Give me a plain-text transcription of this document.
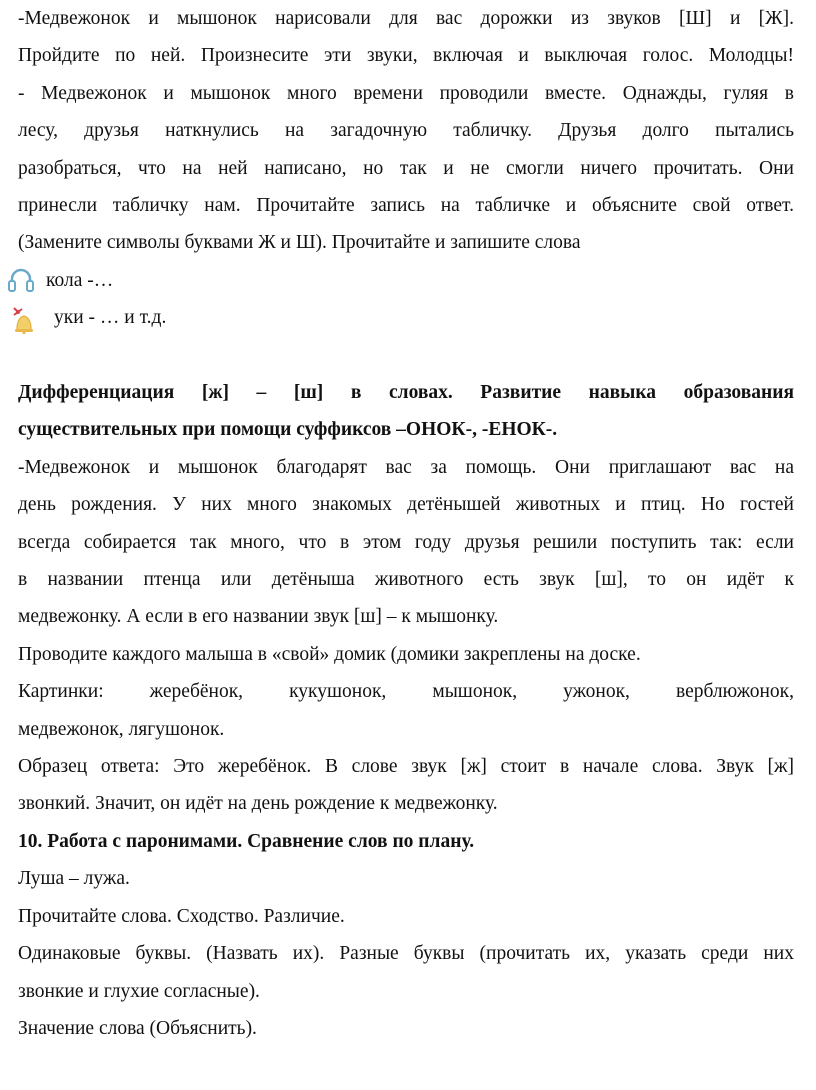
-Медвежонок и мышонок нарисовали для вас дорожки из звуков [Ш] и [Ж].

Пройдите по ней. Произнесите эти звуки, включая и выключая голос. Молодцы!

- Медвежонок и мышонок много времени проводили вместе. Однажды, гуляя в

лесу, друзья наткнулись на загадочную табличку. Друзья долго пытались

разобраться, что на ней написано, но так и не смогли ничего прочитать. Они

принесли табличку нам. Прочитайте запись на табличке и объясните свой ответ.

(Замените символы буквами Ж и Ш). Прочитайте и запишите слова

кола -…
уки - … и т.д.

Дифференциация [ж] – [ш] в словах. Развитие навыка образования

существительных при помощи суффиксов –ОНОК-, -ЕНОК-.

-Медвежонок и мышонок благодарят вас за помощь. Они приглашают вас на

день рождения. У них много знакомых детёнышей животных и птиц. Но гостей

всегда собирается так много, что в этом году друзья решили поступить так: если

в названии птенца или детёныша животного есть звук [ш], то он идёт к

медвежонку. А если в его названии звук [ш] – к мышонку.

Проводите каждого малыша в «свой» домик (домики закреплены на доске.

Картинки: жеребёнок, кукушонок, мышонок, ужонок, верблюжонок,

медвежонок, лягушонок.

Образец ответа: Это жеребёнок. В слове звук [ж] стоит в начале слова. Звук [ж]

звонкий. Значит, он идёт на день рождение к медвежонку.

10. Работа с паронимами. Сравнение слов по плану.

Луша – лужа.

Прочитайте слова. Сходство. Различие.

Одинаковые буквы. (Назвать их). Разные буквы (прочитать их, указать среди них

звонкие и глухие согласные).

Значение слова (Объяснить).
